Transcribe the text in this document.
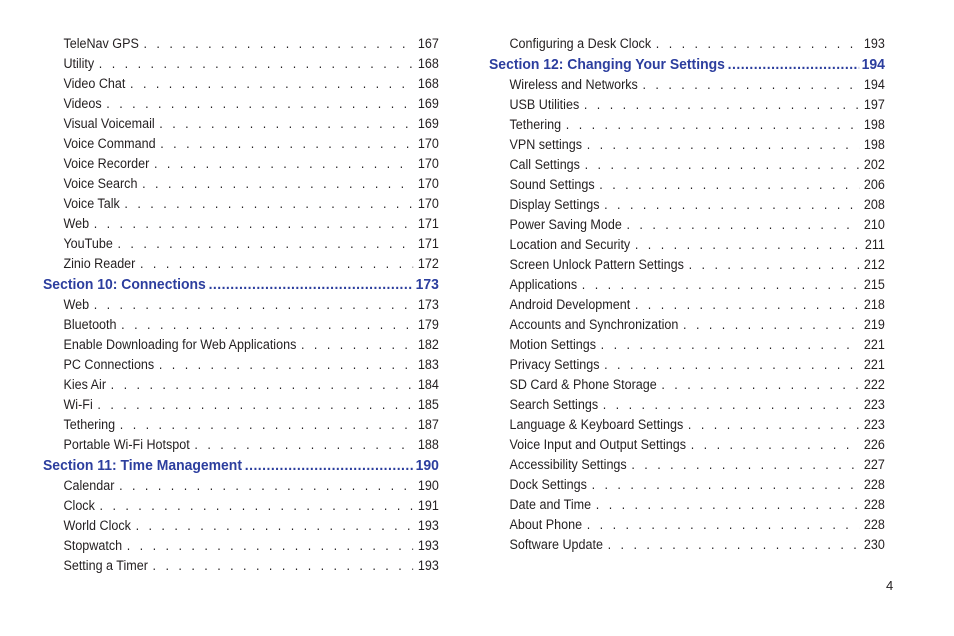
TeleNav GPS . . .	167
Utility . . .	168
Video Chat . . .	168
Videos . . .	169
Visual Voicemail . . .	169
Voice Command . . .	170
Voice Recorder . . .	170
Voice Search . . .	170
Voice Talk . . .	170
Web . . .	171
YouTube . . .	171
Zinio Reader . . .	172
Section 10: Connections .....	173
Web . . .	173
Bluetooth . . .	179
Enable Downloading for Web Applications . . .	182
PC Connections . . .	183
Kies Air . . .	184
Wi-Fi . . .	185
Tethering . . .	187
Portable Wi-Fi Hotspot . . .	188
Section 11: Time Management .....	190
Calendar . . .	190
Clock . . .	191
World Clock . . .	193
Stopwatch . . .	193
Setting a Timer . . .	193
Configuring a Desk Clock . . .	193
Section 12: Changing Your Settings .....	194
Wireless and Networks . . .	194
USB Utilities . . .	197
Tethering . . .	198
VPN settings . . .	198
Call Settings . . .	202
Sound Settings . . .	206
Display Settings . . .	208
Power Saving Mode . . .	210
Location and Security . . .	211
Screen Unlock Pattern Settings . . .	212
Applications . . .	215
Android Development . . .	218
Accounts and Synchronization . . .	219
Motion Settings . . .	221
Privacy Settings . . .	221
SD Card & Phone Storage . . .	222
Search Settings . . .	223
Language & Keyboard Settings . . .	223
Voice Input and Output Settings . . .	226
Accessibility Settings . . .	227
Dock Settings . . .	228
Date and Time . . .	228
About Phone . . .	228
Software Update . . .	230
4
